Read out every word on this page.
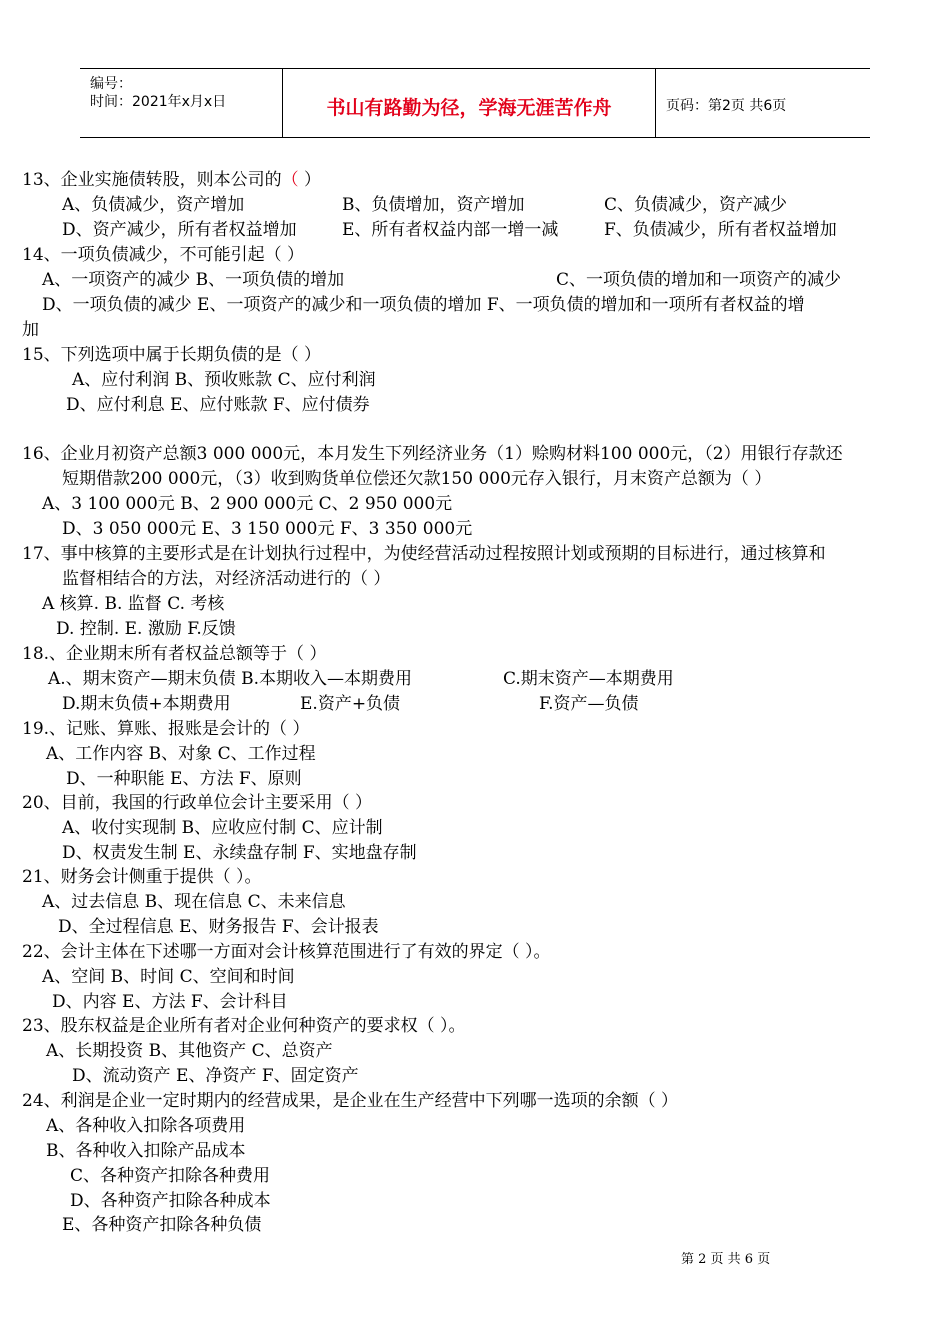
编号：
时间：2021年x月x日	书山有路勤为径，学海无涯苦作舟	页码：第2页 共6页
13、企业实施债转股，则本公司的（ ）
A、负债减少，资产增加	B、负债增加，资产增加	C、负债减少，资产减少
D、资产减少，所有者权益增加	E、所有者权益内部一增一减	F、负债减少，所有者权益增加
14、一项负债减少，不可能引起（ ）
A、一项资产的减少 B、一项负债的增加	C、一项负债的增加和一项资产的减少
D、一项负债的减少 E、一项资产的减少和一项负债的增加 F、一项负债的增加和一项所有者权益的增
加
15、下列选项中属于长期负债的是（ ）
A、应付利润 B、预收账款 C、应付利润
D、应付利息 E、应付账款 F、应付债券
16、企业月初资产总额3 000 000元，本月发生下列经济业务（1）赊购材料100 000元，（2）用银行存款还
短期借款200 000元，（3）收到购货单位偿还欠款150 000元存入银行，月末资产总额为（ ）
A、3 100 000元 B、2 900 000元 C、2 950 000元
D、3 050 000元 E、3 150 000元 F、3 350 000元
17、事中核算的主要形式是在计划执行过程中，为使经营活动过程按照计划或预期的目标进行，通过核算和
监督相结合的方法，对经济活动进行的（ ）
A 核算. B. 监督 C. 考核
D. 控制. E. 激励 F.反馈
18.、企业期末所有者权益总额等于（ ）
A.、期末资产—期末负债 B.本期收入—本期费用	C.期末资产—本期费用
D.期末负债+本期费用	E.资产+负债	F.资产—负债
19.、记账、算账、报账是会计的（ ）
A、工作内容 B、对象 C、工作过程
D、一种职能 E、方法 F、原则
20、目前，我国的行政单位会计主要采用（ ）
A、收付实现制 B、应收应付制 C、应计制
D、权责发生制 E、永续盘存制 F、实地盘存制
21、财务会计侧重于提供（ ）。
A、过去信息 B、现在信息 C、未来信息
D、全过程信息 E、财务报告 F、会计报表
22、会计主体在下述哪一方面对会计核算范围进行了有效的界定（ ）。
A、空间 B、时间 C、空间和时间
D、内容 E、方法 F、会计科目
23、股东权益是企业所有者对企业何种资产的要求权（ ）。
A、长期投资 B、其他资产 C、总资产
D、流动资产 E、净资产 F、固定资产
24、利润是企业一定时期内的经营成果，是企业在生产经营中下列哪一选项的余额（ ）
A、各种收入扣除各项费用
B、各种收入扣除产品成本
C、各种资产扣除各种费用
D、各种资产扣除各种成本
E、各种资产扣除各种负债
第 2 页 共 6 页
